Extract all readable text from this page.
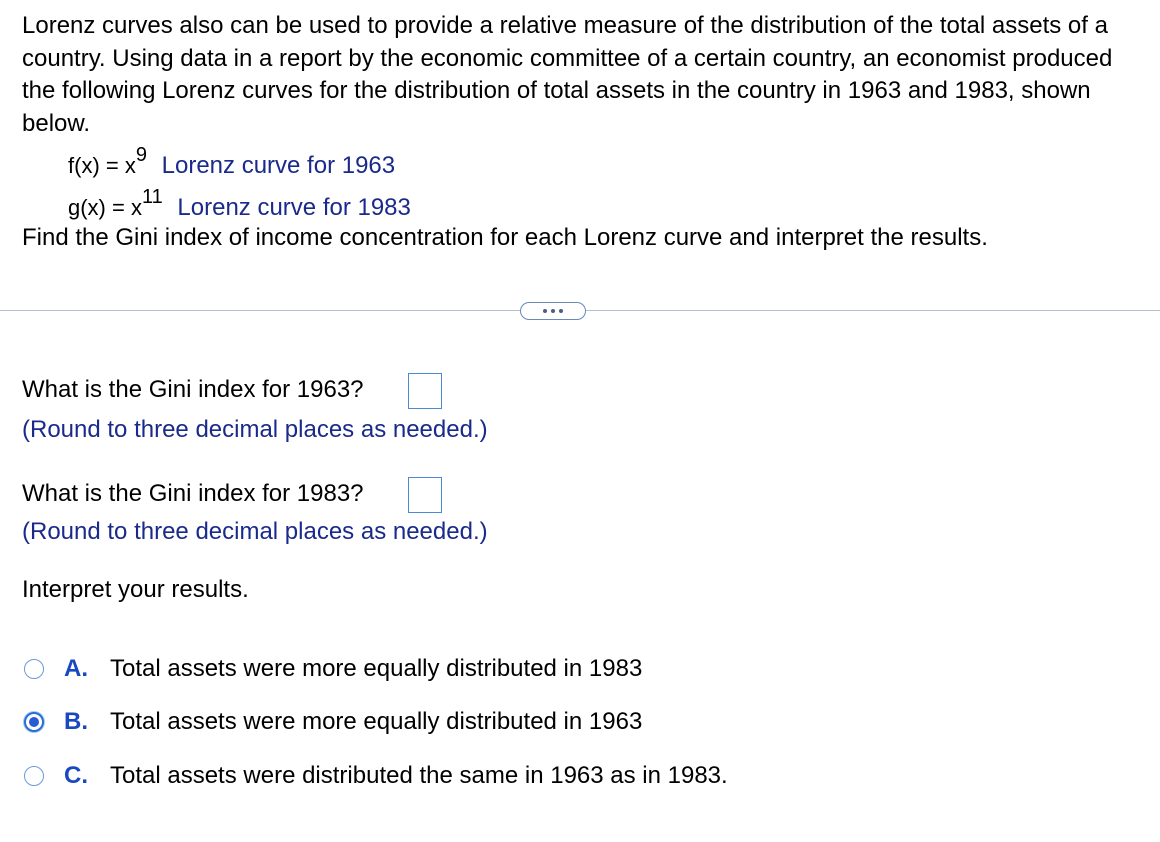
Lorenz curves also can be used to provide a relative measure of the distribution of the total assets of a country. Using data in a report by the economic committee of a certain country, an economist produced the following Lorenz curves for the distribution of total assets in the country in 1963 and 1983, shown below.
$f(x) = x^9$ Lorenz curve for 1963
$g(x) = x^{11}$ Lorenz curve for 1983
Find the Gini index of income concentration for each Lorenz curve and interpret the results.
What is the Gini index for 1963?
(Round to three decimal places as needed.)
What is the Gini index for 1983?
(Round to three decimal places as needed.)
Interpret your results.
A. Total assets were more equally distributed in 1983
B. Total assets were more equally distributed in 1963
C. Total assets were distributed the same in 1963 as in 1983.
